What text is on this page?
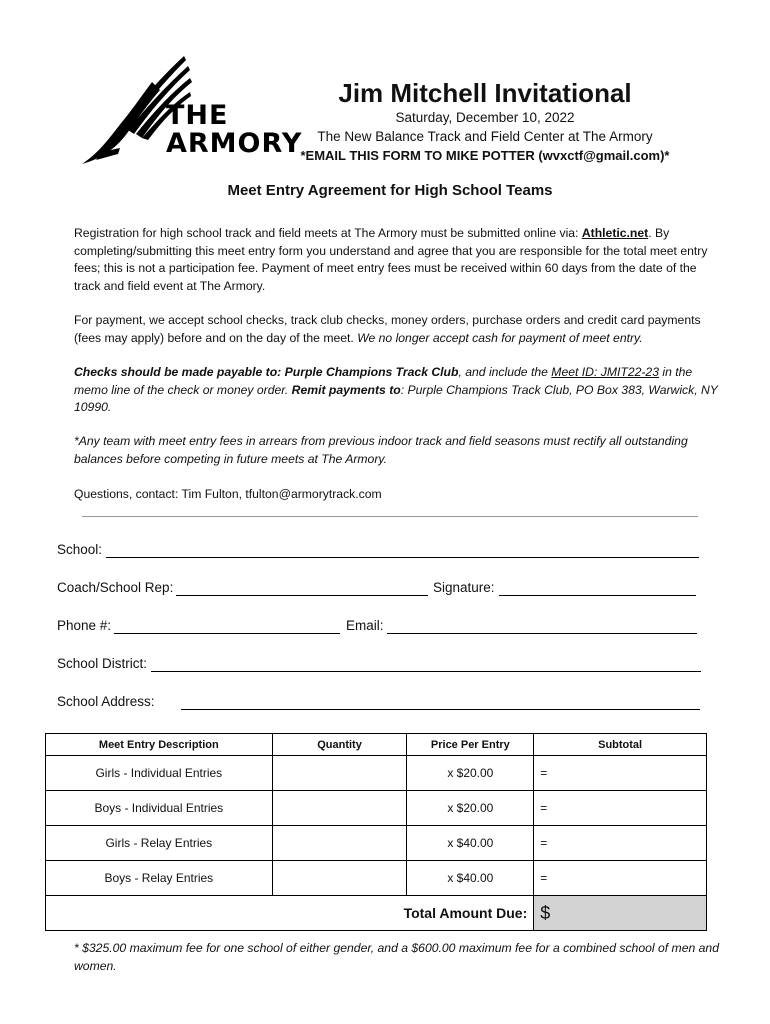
THE
ARMORY
Jim Mitchell Invitational
Saturday, December 10, 2022
The New Balance Track and Field Center at The Armory
*EMAIL THIS FORM TO MIKE POTTER (wvxctf@gmail.com)*
Meet Entry Agreement for High School Teams
Registration for high school track and field meets at The Armory must be submitted online via: Athletic.net. By completing/submitting this meet entry form you understand and agree that you are responsible for the total meet entry fees; this is not a participation fee. Payment of meet entry fees must be received within 60 days from the date of the track and field event at The Armory.
For payment, we accept school checks, track club checks, money orders, purchase orders and credit card payments (fees may apply) before and on the day of the meet. We no longer accept cash for payment of meet entry.
Checks should be made payable to: Purple Champions Track Club, and include the Meet ID: JMIT22-23 in the memo line of the check or money order. Remit payments to: Purple Champions Track Club, PO Box 383, Warwick, NY 10990.
*Any team with meet entry fees in arrears from previous indoor track and field seasons must rectify all outstanding balances before competing in future meets at The Armory.
Questions, contact: Tim Fulton, tfulton@armorytrack.com
School:
Coach/School Rep:	Signature:
Phone #:	Email:
School District:
School Address:
Meet Entry Description	Quantity	Price Per Entry	Subtotal
Girls - Individual Entries		x $20.00	=
Boys - Individual Entries		x $20.00	=
Girls - Relay Entries		x $40.00	=
Boys - Relay Entries		x $40.00	=
Total Amount Due:			$
* $325.00 maximum fee for one school of either gender, and a $600.00 maximum fee for a combined school of men and women.
